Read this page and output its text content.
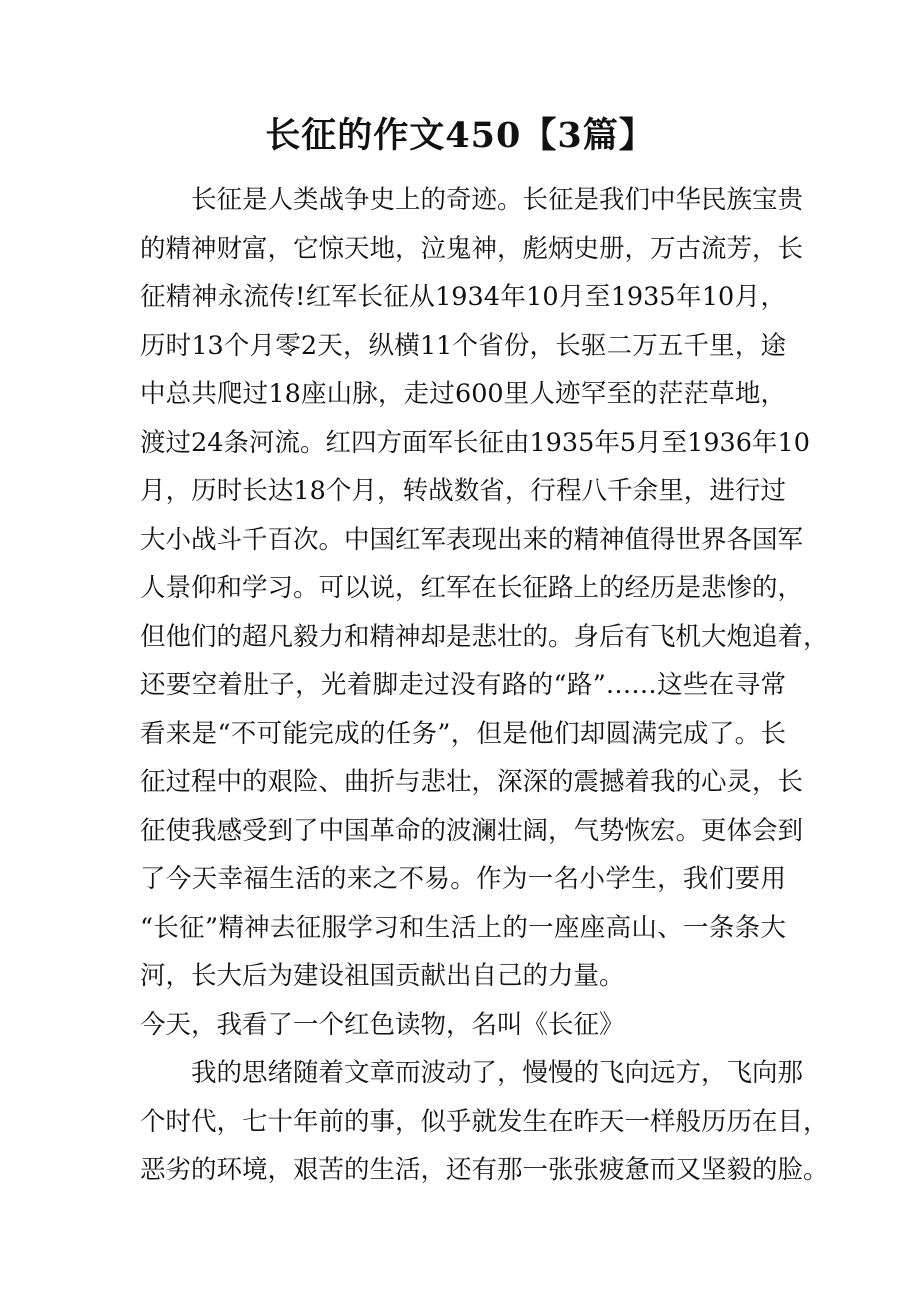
长征的作文450【3篇】
长征是人类战争史上的奇迹。长征是我们中华民族宝贵
的精神财富，它惊天地，泣鬼神，彪炳史册，万古流芳，长
征精神永流传!红军长征从1934年10月至1935年10月，
历时13个月零2天，纵横11个省份，长驱二万五千里，途
中总共爬过18座山脉，走过600里人迹罕至的茫茫草地，
渡过24条河流。红四方面军长征由1935年5月至1936年10
月，历时长达18个月，转战数省，行程八千余里，进行过
大小战斗千百次。中国红军表现出来的精神值得世界各国军
人景仰和学习。可以说，红军在长征路上的经历是悲惨的，
但他们的超凡毅力和精神却是悲壮的。身后有飞机大炮追着，
还要空着肚子，光着脚走过没有路的“路”……这些在寻常
看来是“不可能完成的任务”，但是他们却圆满完成了。长
征过程中的艰险、曲折与悲壮，深深的震撼着我的心灵，长
征使我感受到了中国革命的波澜壮阔，气势恢宏。更体会到
了今天幸福生活的来之不易。作为一名小学生，我们要用
“长征”精神去征服学习和生活上的一座座高山、一条条大
河，长大后为建设祖国贡献出自己的力量。
今天，我看了一个红色读物，名叫《长征》
我的思绪随着文章而波动了，慢慢的飞向远方，飞向那
个时代，七十年前的事，似乎就发生在昨天一样般历历在目，
恶劣的环境，艰苦的生活，还有那一张张疲惫而又坚毅的脸。
